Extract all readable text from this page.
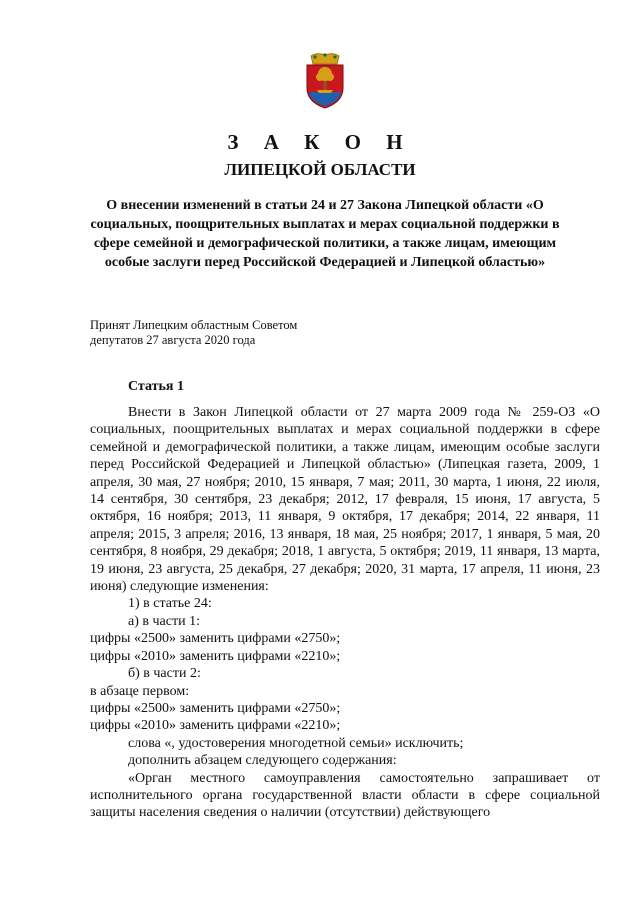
З А К О Н
ЛИПЕЦКОЙ ОБЛАСТИ

О внесении изменений в статьи 24 и 27 Закона Липецкой области «О социальных, поощрительных выплатах и мерах социальной поддержки в сфере семейной и демографической политики, а также лицам, имеющим особые заслуги перед Российской Федерацией и Липецкой областью»

Принят Липецким областным Советом
депутатов 27 августа 2020 года
Статья 1

Внести в Закон Липецкой области от 27 марта 2009 года № 259-ОЗ «О социальных, поощрительных выплатах и мерах социальной поддержки в сфере семейной и демографической политики, а также лицам, имеющим особые заслуги перед Российской Федерацией и Липецкой областью» (Липецкая газета, 2009, 1 апреля, 30 мая, 27 ноября; 2010, 15 января, 7 мая; 2011, 30 марта, 1 июня, 22 июля, 14 сентября, 30 сентября, 23 декабря; 2012, 17 февраля, 15 июня, 17 августа, 5 октября, 16 ноября; 2013, 11 января, 9 октября, 17 декабря; 2014, 22 января, 11 апреля; 2015, 3 апреля; 2016, 13 января, 18 мая, 25 ноября; 2017, 1 января, 5 мая, 20 сентября, 8 ноября, 29 декабря; 2018, 1 августа, 5 октября; 2019, 11 января, 13 марта, 19 июня, 23 августа, 25 декабря, 27 декабря; 2020, 31 марта, 17 апреля, 11 июня, 23 июня) следующие изменения:

1) в статье 24:

а) в части 1:

цифры «2500» заменить цифрами «2750»;

цифры «2010» заменить цифрами «2210»;

б) в части 2:

в абзаце первом:

цифры «2500» заменить цифрами «2750»;

цифры «2010» заменить цифрами «2210»;

слова «, удостоверения многодетной семьи» исключить;

дополнить абзацем следующего содержания:

«Орган местного самоуправления самостоятельно запрашивает от исполнительного органа государственной власти области в сфере социальной защиты населения сведения о наличии (отсутствии) действующего
